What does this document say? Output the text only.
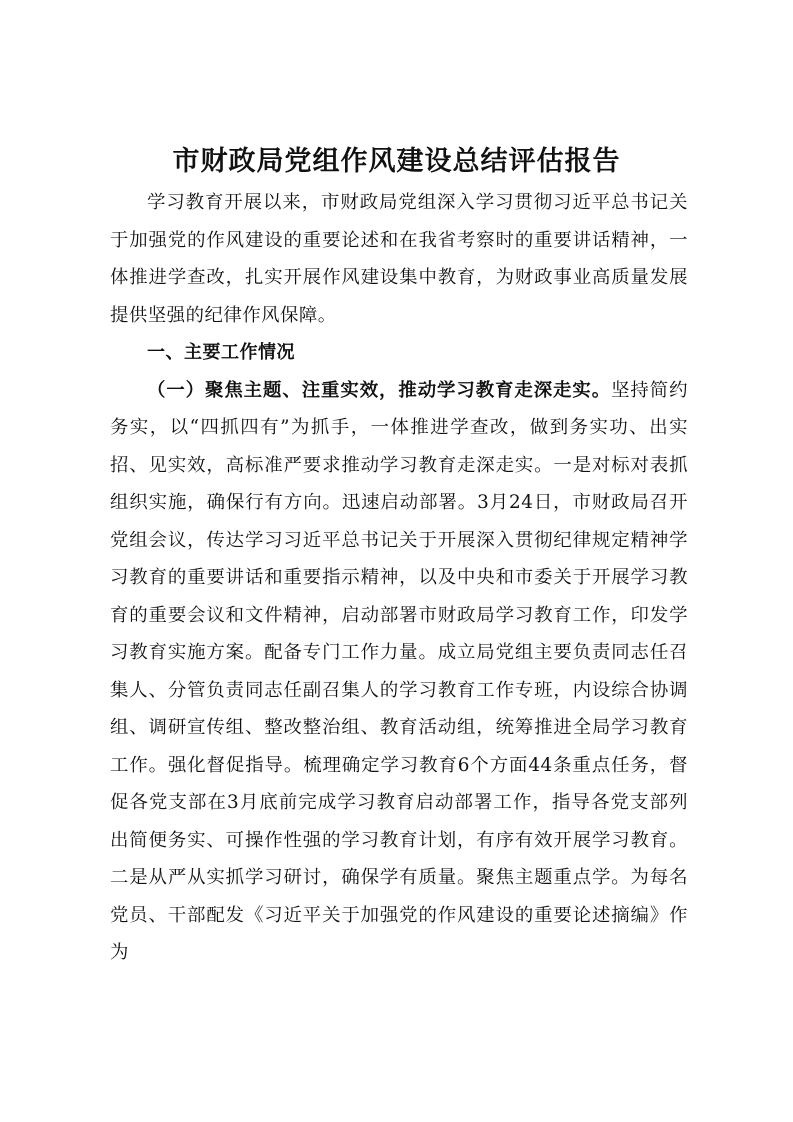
市财政局党组作风建设总结评估报告

学习教育开展以来，市财政局党组深入学习贯彻习近平总书记关于加强党的作风建设的重要论述和在我省考察时的重要讲话精神，一体推进学查改，扎实开展作风建设集中教育，为财政事业高质量发展提供坚强的纪律作风保障。

一、主要工作情况

（一）聚焦主题、注重实效，推动学习教育走深走实。坚持简约务实，以“四抓四有”为抓手，一体推进学查改，做到务实功、出实招、见实效，高标准严要求推动学习教育走深走实。一是对标对表抓组织实施，确保行有方向。迅速启动部署。3月24日，市财政局召开党组会议，传达学习习近平总书记关于开展深入贯彻纪律规定精神学习教育的重要讲话和重要指示精神，以及中央和市委关于开展学习教育的重要会议和文件精神，启动部署市财政局学习教育工作，印发学习教育实施方案。配备专门工作力量。成立局党组主要负责同志任召集人、分管负责同志任副召集人的学习教育工作专班，内设综合协调组、调研宣传组、整改整治组、教育活动组，统筹推进全局学习教育工作。强化督促指导。梳理确定学习教育6个方面44条重点任务，督促各党支部在3月底前完成学习教育启动部署工作，指导各党支部列出简便务实、可操作性强的学习教育计划，有序有效开展学习教育。二是从严从实抓学习研讨，确保学有质量。聚焦主题重点学。为每名党员、干部配发《习近平关于加强党的作风建设的重要论述摘编》作为
